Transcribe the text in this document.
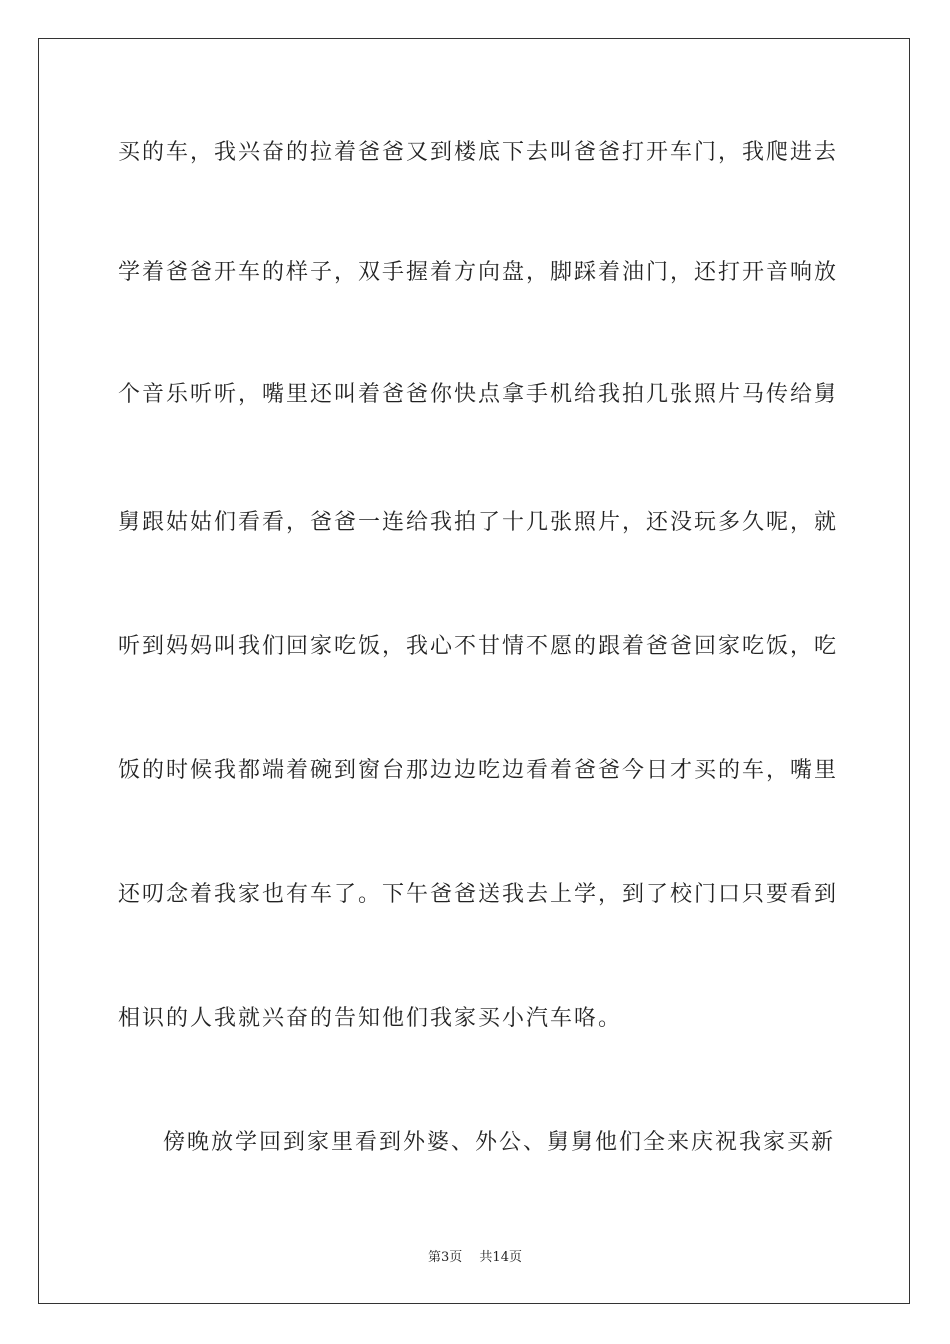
买的车，我兴奋的拉着爸爸又到楼底下去叫爸爸打开车门，我爬进去
学着爸爸开车的样子，双手握着方向盘，脚踩着油门，还打开音响放
个音乐听听，嘴里还叫着爸爸你快点拿手机给我拍几张照片马传给舅
舅跟姑姑们看看，爸爸一连给我拍了十几张照片，还没玩多久呢，就
听到妈妈叫我们回家吃饭，我心不甘情不愿的跟着爸爸回家吃饭，吃
饭的时候我都端着碗到窗台那边边吃边看着爸爸今日才买的车，嘴里
还叨念着我家也有车了。下午爸爸送我去上学，到了校门口只要看到
相识的人我就兴奋的告知他们我家买小汽车咯。
傍晚放学回到家里看到外婆、外公、舅舅他们全来庆祝我家买新
第3页　 共14页
